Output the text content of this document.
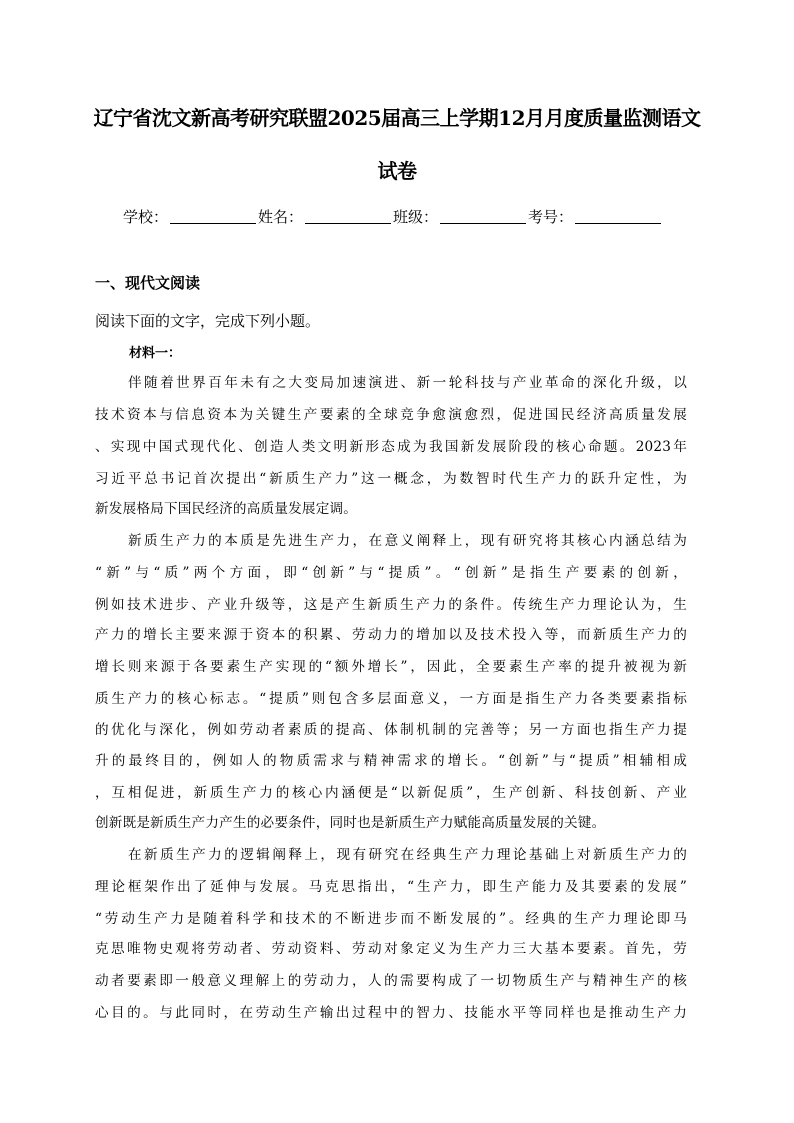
辽宁省沈文新高考研究联盟2025届高三上学期12月月度质量监测语文
试卷
学校：	姓名：	班级：	考号：
一、现代文阅读
阅读下面的文字，完成下列小题。
材料一：
伴随着世界百年未有之大变局加速演进、新一轮科技与产业革命的深化升级，以
技术资本与信息资本为关键生产要素的全球竞争愈演愈烈，促进国民经济高质量发展
、实现中国式现代化、创造人类文明新形态成为我国新发展阶段的核心命题。2023年
习近平总书记首次提出“新质生产力”这一概念，为数智时代生产力的跃升定性，为
新发展格局下国民经济的高质量发展定调。
新质生产力的本质是先进生产力，在意义阐释上，现有研究将其核心内涵总结为
“新”与“质”两个方面，即“创新”与“提质”。“创新”是指生产要素的创新，
例如技术进步、产业升级等，这是产生新质生产力的条件。传统生产力理论认为，生
产力的增长主要来源于资本的积累、劳动力的增加以及技术投入等，而新质生产力的
增长则来源于各要素生产实现的“额外增长”，因此，全要素生产率的提升被视为新
质生产力的核心标志。“提质”则包含多层面意义，一方面是指生产力各类要素指标
的优化与深化，例如劳动者素质的提高、体制机制的完善等；另一方面也指生产力提
升的最终目的，例如人的物质需求与精神需求的增长。“创新”与“提质”相辅相成
，互相促进，新质生产力的核心内涵便是“以新促质”，生产创新、科技创新、产业
创新既是新质生产力产生的必要条件，同时也是新质生产力赋能高质量发展的关键。
在新质生产力的逻辑阐释上，现有研究在经典生产力理论基础上对新质生产力的
理论框架作出了延伸与发展。马克思指出，“生产力，即生产能力及其要素的发展”
“劳动生产力是随着科学和技术的不断进步而不断发展的”。经典的生产力理论即马
克思唯物史观将劳动者、劳动资料、劳动对象定义为生产力三大基本要素。首先，劳
动者要素即一般意义理解上的劳动力，人的需要构成了一切物质生产与精神生产的核
心目的。与此同时，在劳动生产输出过程中的智力、技能水平等同样也是推动生产力
